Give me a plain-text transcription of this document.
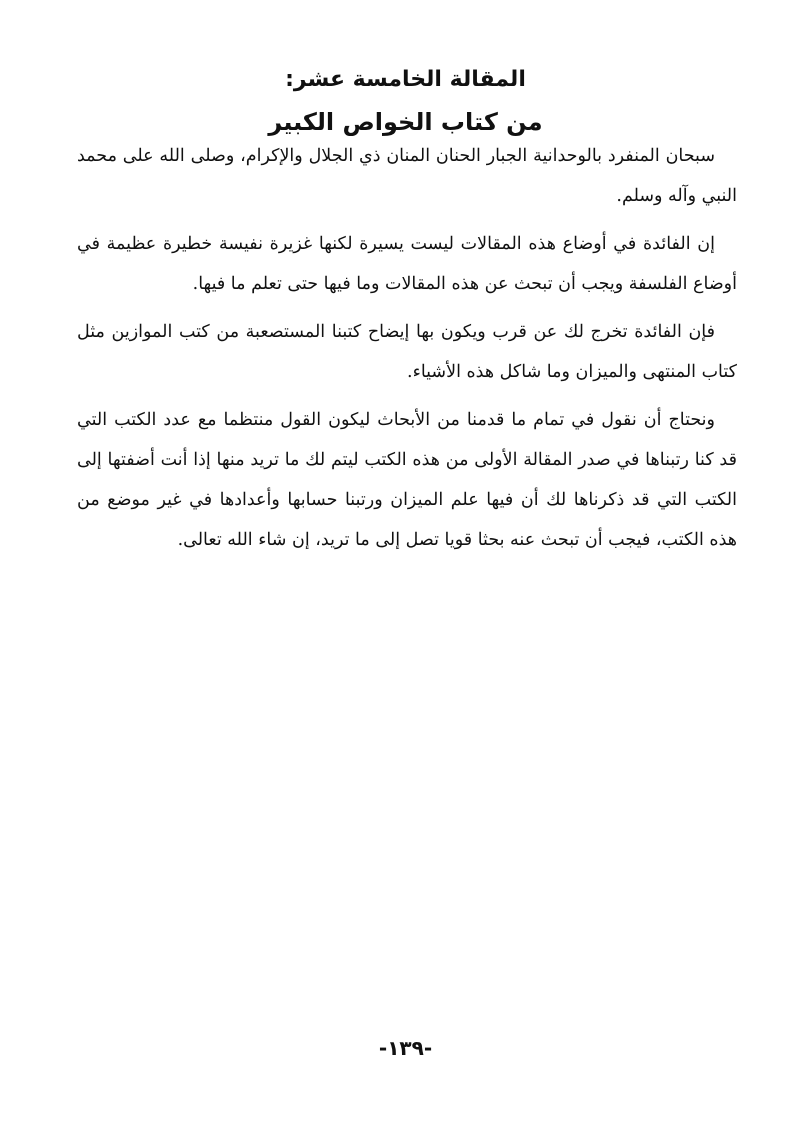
المقالة الخامسة عشر:
من كتاب الخواص الكبير

سبحان المنفرد بالوحدانية الجبار الحنان المنان ذي الجلال والإكرام، وصلى الله على محمد النبي وآله وسلم.

إن الفائدة في أوضاع هذه المقالات ليست يسيرة لكنها غزيرة نفيسة خطيرة عظيمة في أوضاع الفلسفة ويجب أن تبحث عن هذه المقالات وما فيها حتى تعلم ما فيها.

فإن الفائدة تخرج لك عن قرب ويكون بها إيضاح كتبنا المستصعبة من كتب الموازين مثل كتاب المنتهى والميزان وما شاكل هذه الأشياء.

ونحتاج أن نقول في تمام ما قدمنا من الأبحاث ليكون القول منتظما مع عدد الكتب التي قد كنا رتبناها في صدر المقالة الأولى من هذه الكتب ليتم لك ما تريد منها إذا أنت أضفتها إلى الكتب التي قد ذكرناها لك أن فيها علم الميزان ورتبنا حسابها وأعدادها في غير موضع من هذه الكتب، فيجب أن تبحث عنه بحثا قويا تصل إلى ما تريد، إن شاء الله تعالى.

-١٣٩-
